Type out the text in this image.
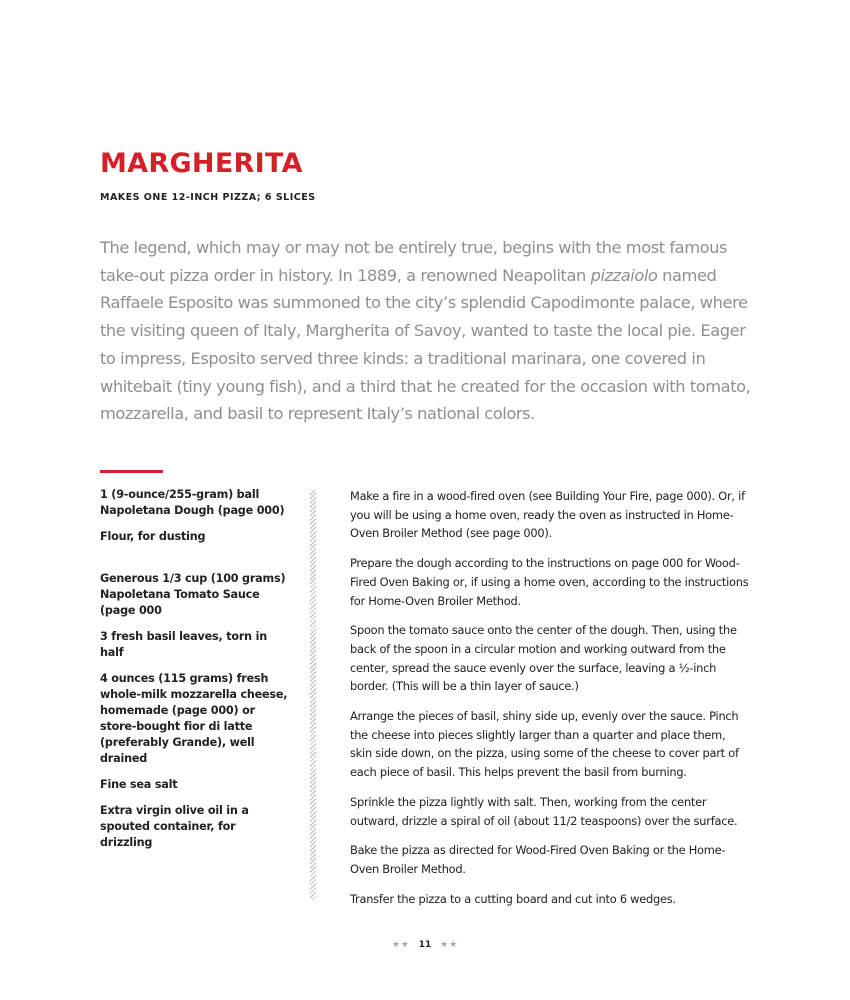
MARGHERITA

MAKES ONE 12-INCH PIZZA; 6 SLICES

The legend, which may or may not be entirely true, begins with the most famous take-out pizza order in history. In 1889, a renowned Neapolitan pizzaiolo named Raffaele Esposito was summoned to the city’s splendid Capodimonte palace, where the visiting queen of Italy, Margherita of Savoy, wanted to taste the local pie. Eager to impress, Esposito served three kinds: a traditional marinara, one covered in whitebait (tiny young fish), and a third that he created for the occasion with tomato, mozzarella, and basil to represent Italy’s national colors.

1 (9-ounce/255-gram) ball Napoletana Dough (page 000)
Flour, for dusting
Generous 1/3 cup (100 grams) Napoletana Tomato Sauce (page 000
3 fresh basil leaves, torn in half
4 ounces (115 grams) fresh whole-milk mozzarella cheese, homemade (page 000) or store-bought fior di latte (preferably Grande), well drained
Fine sea salt
Extra virgin olive oil in a spouted container, for drizzling
Make a fire in a wood-fired oven (see Building Your Fire, page 000). Or, if you will be using a home oven, ready the oven as instructed in Home-Oven Broiler Method (see page 000).
Prepare the dough according to the instructions on page 000 for Wood-Fired Oven Baking or, if using a home oven, according to the instructions for Home-Oven Broiler Method.
Spoon the tomato sauce onto the center of the dough. Then, using the back of the spoon in a circular motion and working outward from the center, spread the sauce evenly over the surface, leaving a ½-inch border. (This will be a thin layer of sauce.)
Arrange the pieces of basil, shiny side up, evenly over the sauce. Pinch the cheese into pieces slightly larger than a quarter and place them, skin side down, on the pizza, using some of the cheese to cover part of each piece of basil. This helps prevent the basil from burning.
Sprinkle the pizza lightly with salt. Then, working from the center outward, drizzle a spiral of oil (about 11/2 teaspoons) over the surface.
Bake the pizza as directed for Wood-Fired Oven Baking or the Home-Oven Broiler Method.
Transfer the pizza to a cutting board and cut into 6 wedges.
★★ 11 ★★
